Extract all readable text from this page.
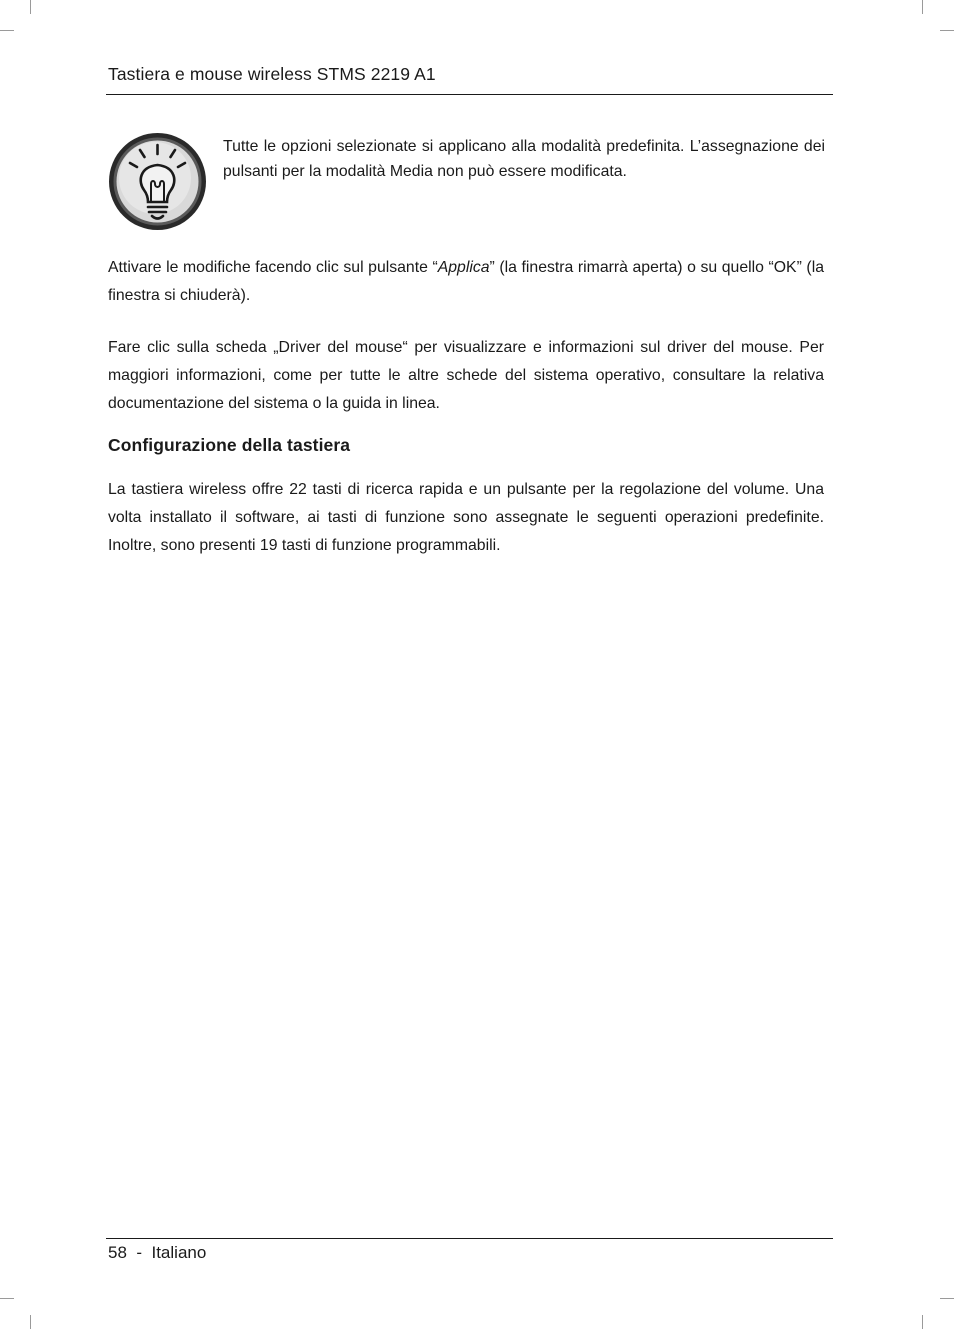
Tastiera e mouse wireless STMS 2219 A1
Tutte le opzioni selezionate si applicano alla modalità predefinita. L’assegnazione dei pulsanti per la modalità Media non può essere modificata.

Attivare le modifiche facendo clic sul pulsante “Applica” (la finestra rimarrà aperta) o su quello “OK” (la finestra si chiuderà).

Fare clic sulla scheda „Driver del mouse“ per visualizzare e informazioni sul driver del mouse. Per maggiori informazioni, come per tutte le altre schede del sistema operativo, consultare la relativa documentazione del sistema o la guida in linea.

Configurazione della tastiera

La tastiera wireless offre 22 tasti di ricerca rapida e un pulsante per la regolazione del volume. Una volta installato il software, ai tasti di funzione sono assegnate le seguenti operazioni predefinite. Inoltre, sono presenti 19 tasti di funzione programmabili.

58  -  Italiano
